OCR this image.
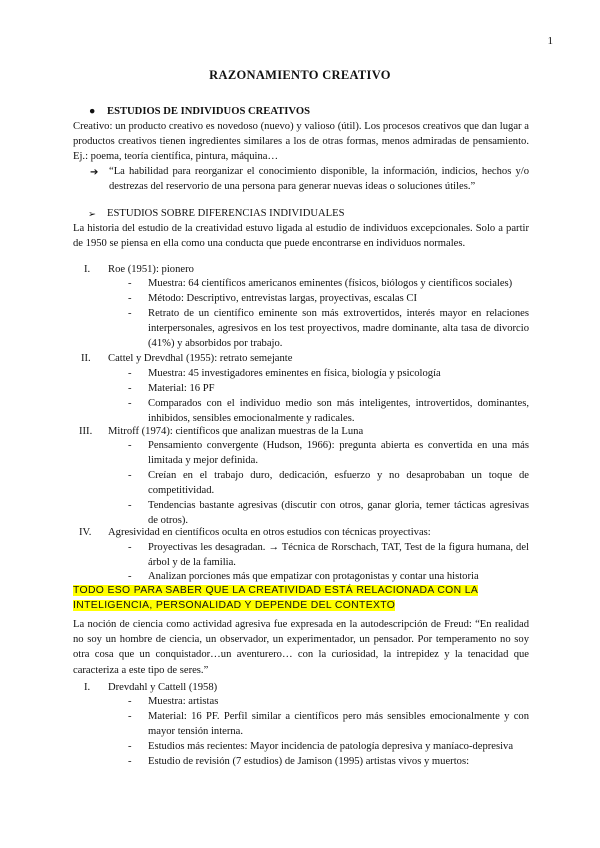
1
RAZONAMIENTO CREATIVO
● ESTUDIOS DE INDIVIDUOS CREATIVOS
Creativo: un producto creativo es novedoso (nuevo) y valioso (útil). Los procesos creativos que dan lugar a productos creativos tienen ingredientes similares a los de otras formas, menos admiradas de pensamiento. Ej.: poema, teoría científica, pintura, máquina…
➔ “La habilidad para reorganizar el conocimiento disponible, la información, indicios, hechos y/o destrezas del reservorio de una persona para generar nuevas ideas o soluciones útiles.”
➢ ESTUDIOS SOBRE DIFERENCIAS INDIVIDUALES
La historia del estudio de la creatividad estuvo ligada al estudio de individuos excepcionales. Solo a partir de 1950 se piensa en ella como una conducta que puede encontrarse en individuos normales.
I. Roe (1951): pionero
- Muestra: 64 científicos americanos eminentes (físicos, biólogos y científicos sociales)
- Método: Descriptivo, entrevistas largas, proyectivas, escalas CI
- Retrato de un científico eminente son más extrovertidos, interés mayor en relaciones interpersonales, agresivos en los test proyectivos, madre dominante, alta tasa de divorcio (41%) y absorbidos por trabajo.
II. Cattel y Drevdhal (1955): retrato semejante
- Muestra: 45 investigadores eminentes en física, biología y psicología
- Material: 16 PF
- Comparados con el individuo medio son más inteligentes, introvertidos, dominantes, inhibidos, sensibles emocionalmente y radicales.
III. Mitroff (1974): científicos que analizan muestras de la Luna
- Pensamiento convergente (Hudson, 1966): pregunta abierta es convertida en una más limitada y mejor definida.
- Creían en el trabajo duro, dedicación, esfuerzo y no desaprobaban un toque de competitividad.
- Tendencias bastante agresivas (discutir con otros, ganar gloria, temer tácticas agresivas de otros).
IV. Agresividad en científicos oculta en otros estudios con técnicas proyectivas:
- Proyectivas les desagradan. → Técnica de Rorschach, TAT, Test de la figura humana, del árbol y de la familia.
- Analizan porciones más que empatizar con protagonistas y contar una historia
TODO ESO PARA SABER QUE LA CREATIVIDAD ESTÁ RELACIONADA CON LA INTELIGENCIA, PERSONALIDAD Y DEPENDE DEL CONTEXTO
La noción de ciencia como actividad agresiva fue expresada en la autodescripción de Freud: “En realidad no soy un hombre de ciencia, un observador, un experimentador, un pensador. Por temperamento no soy otra cosa que un conquistador…un aventurero… con la curiosidad, la intrepidez y la tenacidad que caracteriza a este tipo de seres.”
I. Drevdahl y Cattell (1958)
- Muestra: artistas
- Material: 16 PF. Perfil similar a científicos pero más sensibles emocionalmente y con mayor tensión interna.
- Estudios más recientes: Mayor incidencia de patología depresiva y maníaco-depresiva
- Estudio de revisión (7 estudios) de Jamison (1995) artistas vivos y muertos:
